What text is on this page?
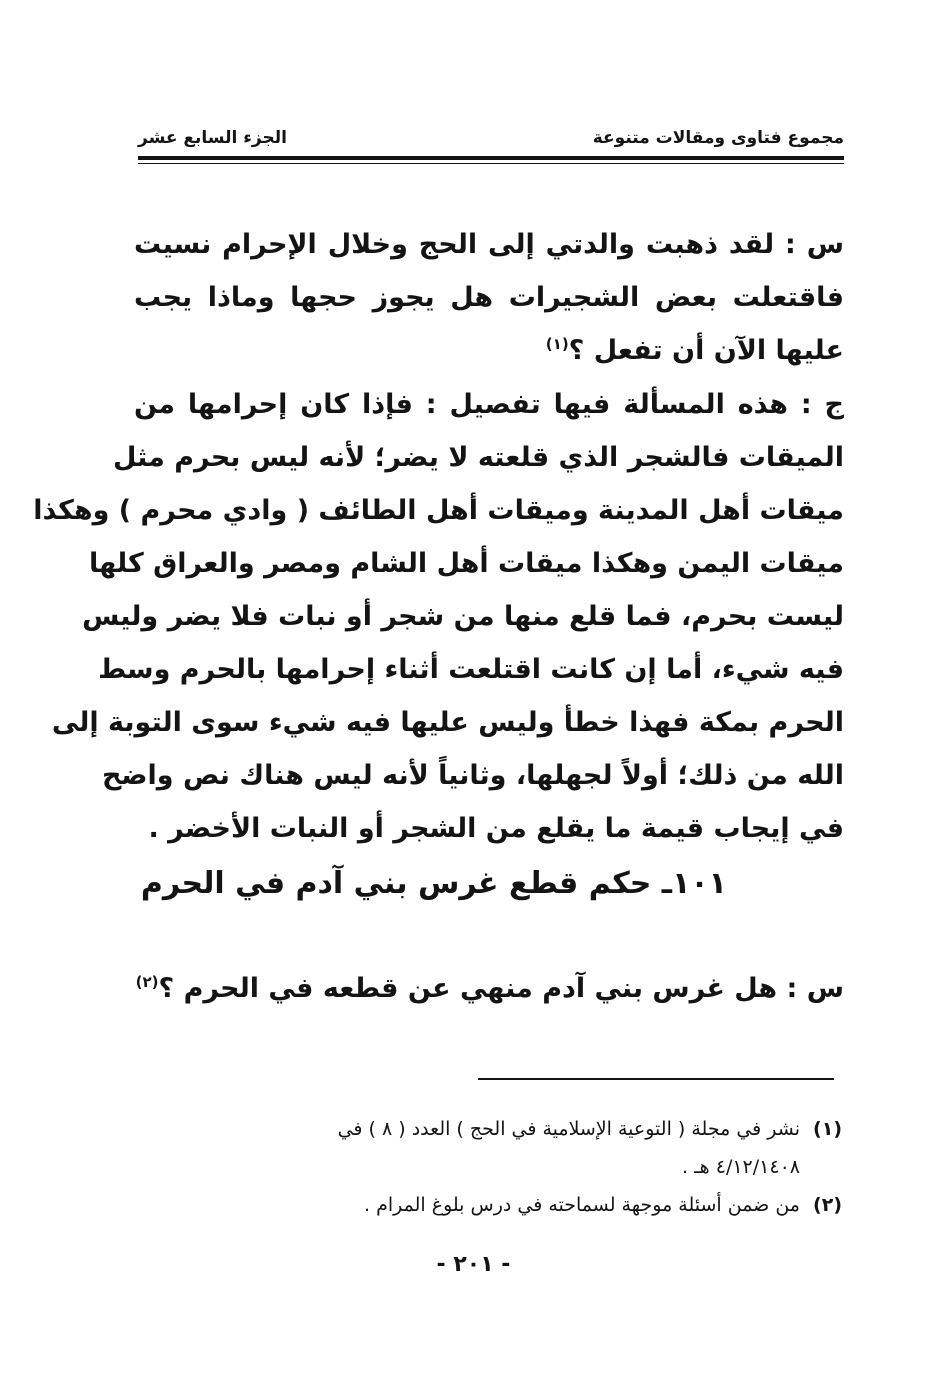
مجموع فتاوى ومقالات متنوعة
الجزء السابع عشر
س : لقد ذهبت والدتي إلى الحج وخلال الإحرام نسيت
فاقتعلت بعض الشجيرات هل يجوز حجها وماذا يجب
عليها الآن أن تفعل ؟$^{(١)}$
ج : هذه المسألة فيها تفصيل : فإذا كان إحرامها من
الميقات فالشجر الذي قلعته لا يضر؛ لأنه ليس بحرم مثل
ميقات أهل المدينة وميقات أهل الطائف ( وادي محرم ) وهكذا
ميقات اليمن وهكذا ميقات أهل الشام ومصر والعراق كلها
ليست بحرم، فما قلع منها من شجر أو نبات فلا يضر وليس
فيه شيء، أما إن كانت اقتلعت أثناء إحرامها بالحرم وسط
الحرم بمكة فهذا خطأ وليس عليها فيه شيء سوى التوبة إلى
الله من ذلك؛ أولاً لجهلها، وثانياً لأنه ليس هناك نص واضح
في إيجاب قيمة ما يقلع من الشجر أو النبات الأخضر .
١٠١ـ حكم قطع غرس بني آدم في الحرم
س : هل غرس بني آدم منهي عن قطعه في الحرم ؟$^{(٢)}$
(١)نشر في مجلة ( التوعية الإسلامية في الحج ) العدد ( ٨ ) في
٤/١٢/١٤٠٨ هـ .
(٢)من ضمن أسئلة موجهة لسماحته في درس بلوغ المرام .
- ٢٠١ -
